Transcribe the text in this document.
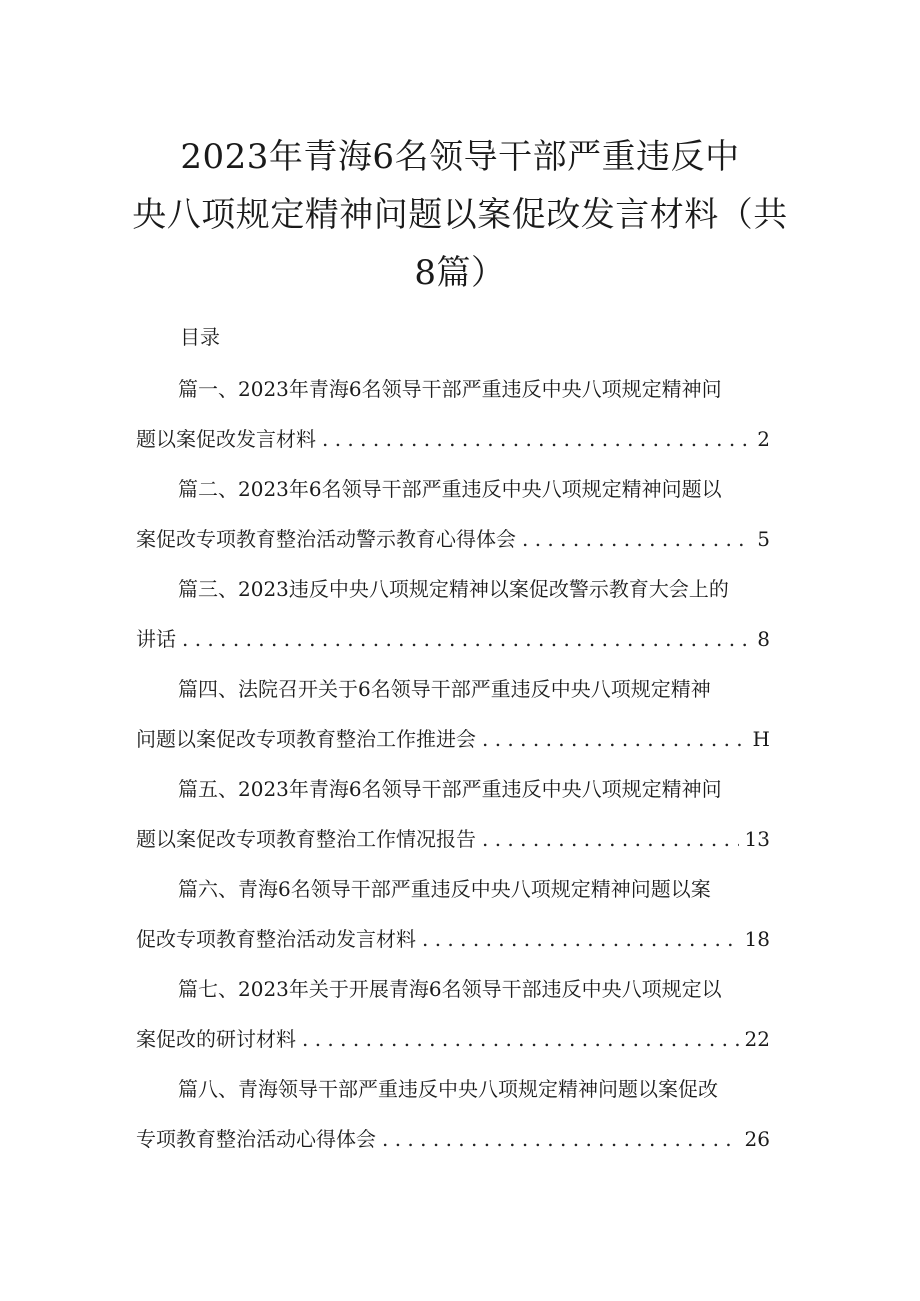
2023年青海6名领导干部严重违反中
央八项规定精神问题以案促改发言材料（共
8篇）
目录
篇一、2023年青海6名领导干部严重违反中央八项规定精神问
题以案促改发言材料 . . .	2
篇二、2023年6名领导干部严重违反中央八项规定精神问题以
案促改专项教育整治活动警示教育心得体会 . . .	5
篇三、2023违反中央八项规定精神以案促改警示教育大会上的
讲话 . . .	8
篇四、法院召开关于6名领导干部严重违反中央八项规定精神
问题以案促改专项教育整治工作推进会 . . .	H
篇五、2023年青海6名领导干部严重违反中央八项规定精神问
题以案促改专项教育整治工作情况报告 . . .	13
篇六、青海6名领导干部严重违反中央八项规定精神问题以案
促改专项教育整治活动发言材料 . . .	18
篇七、2023年关于开展青海6名领导干部违反中央八项规定以
案促改的研讨材料 . . .	22
篇八、青海领导干部严重违反中央八项规定精神问题以案促改
专项教育整治活动心得体会 . . .	26
